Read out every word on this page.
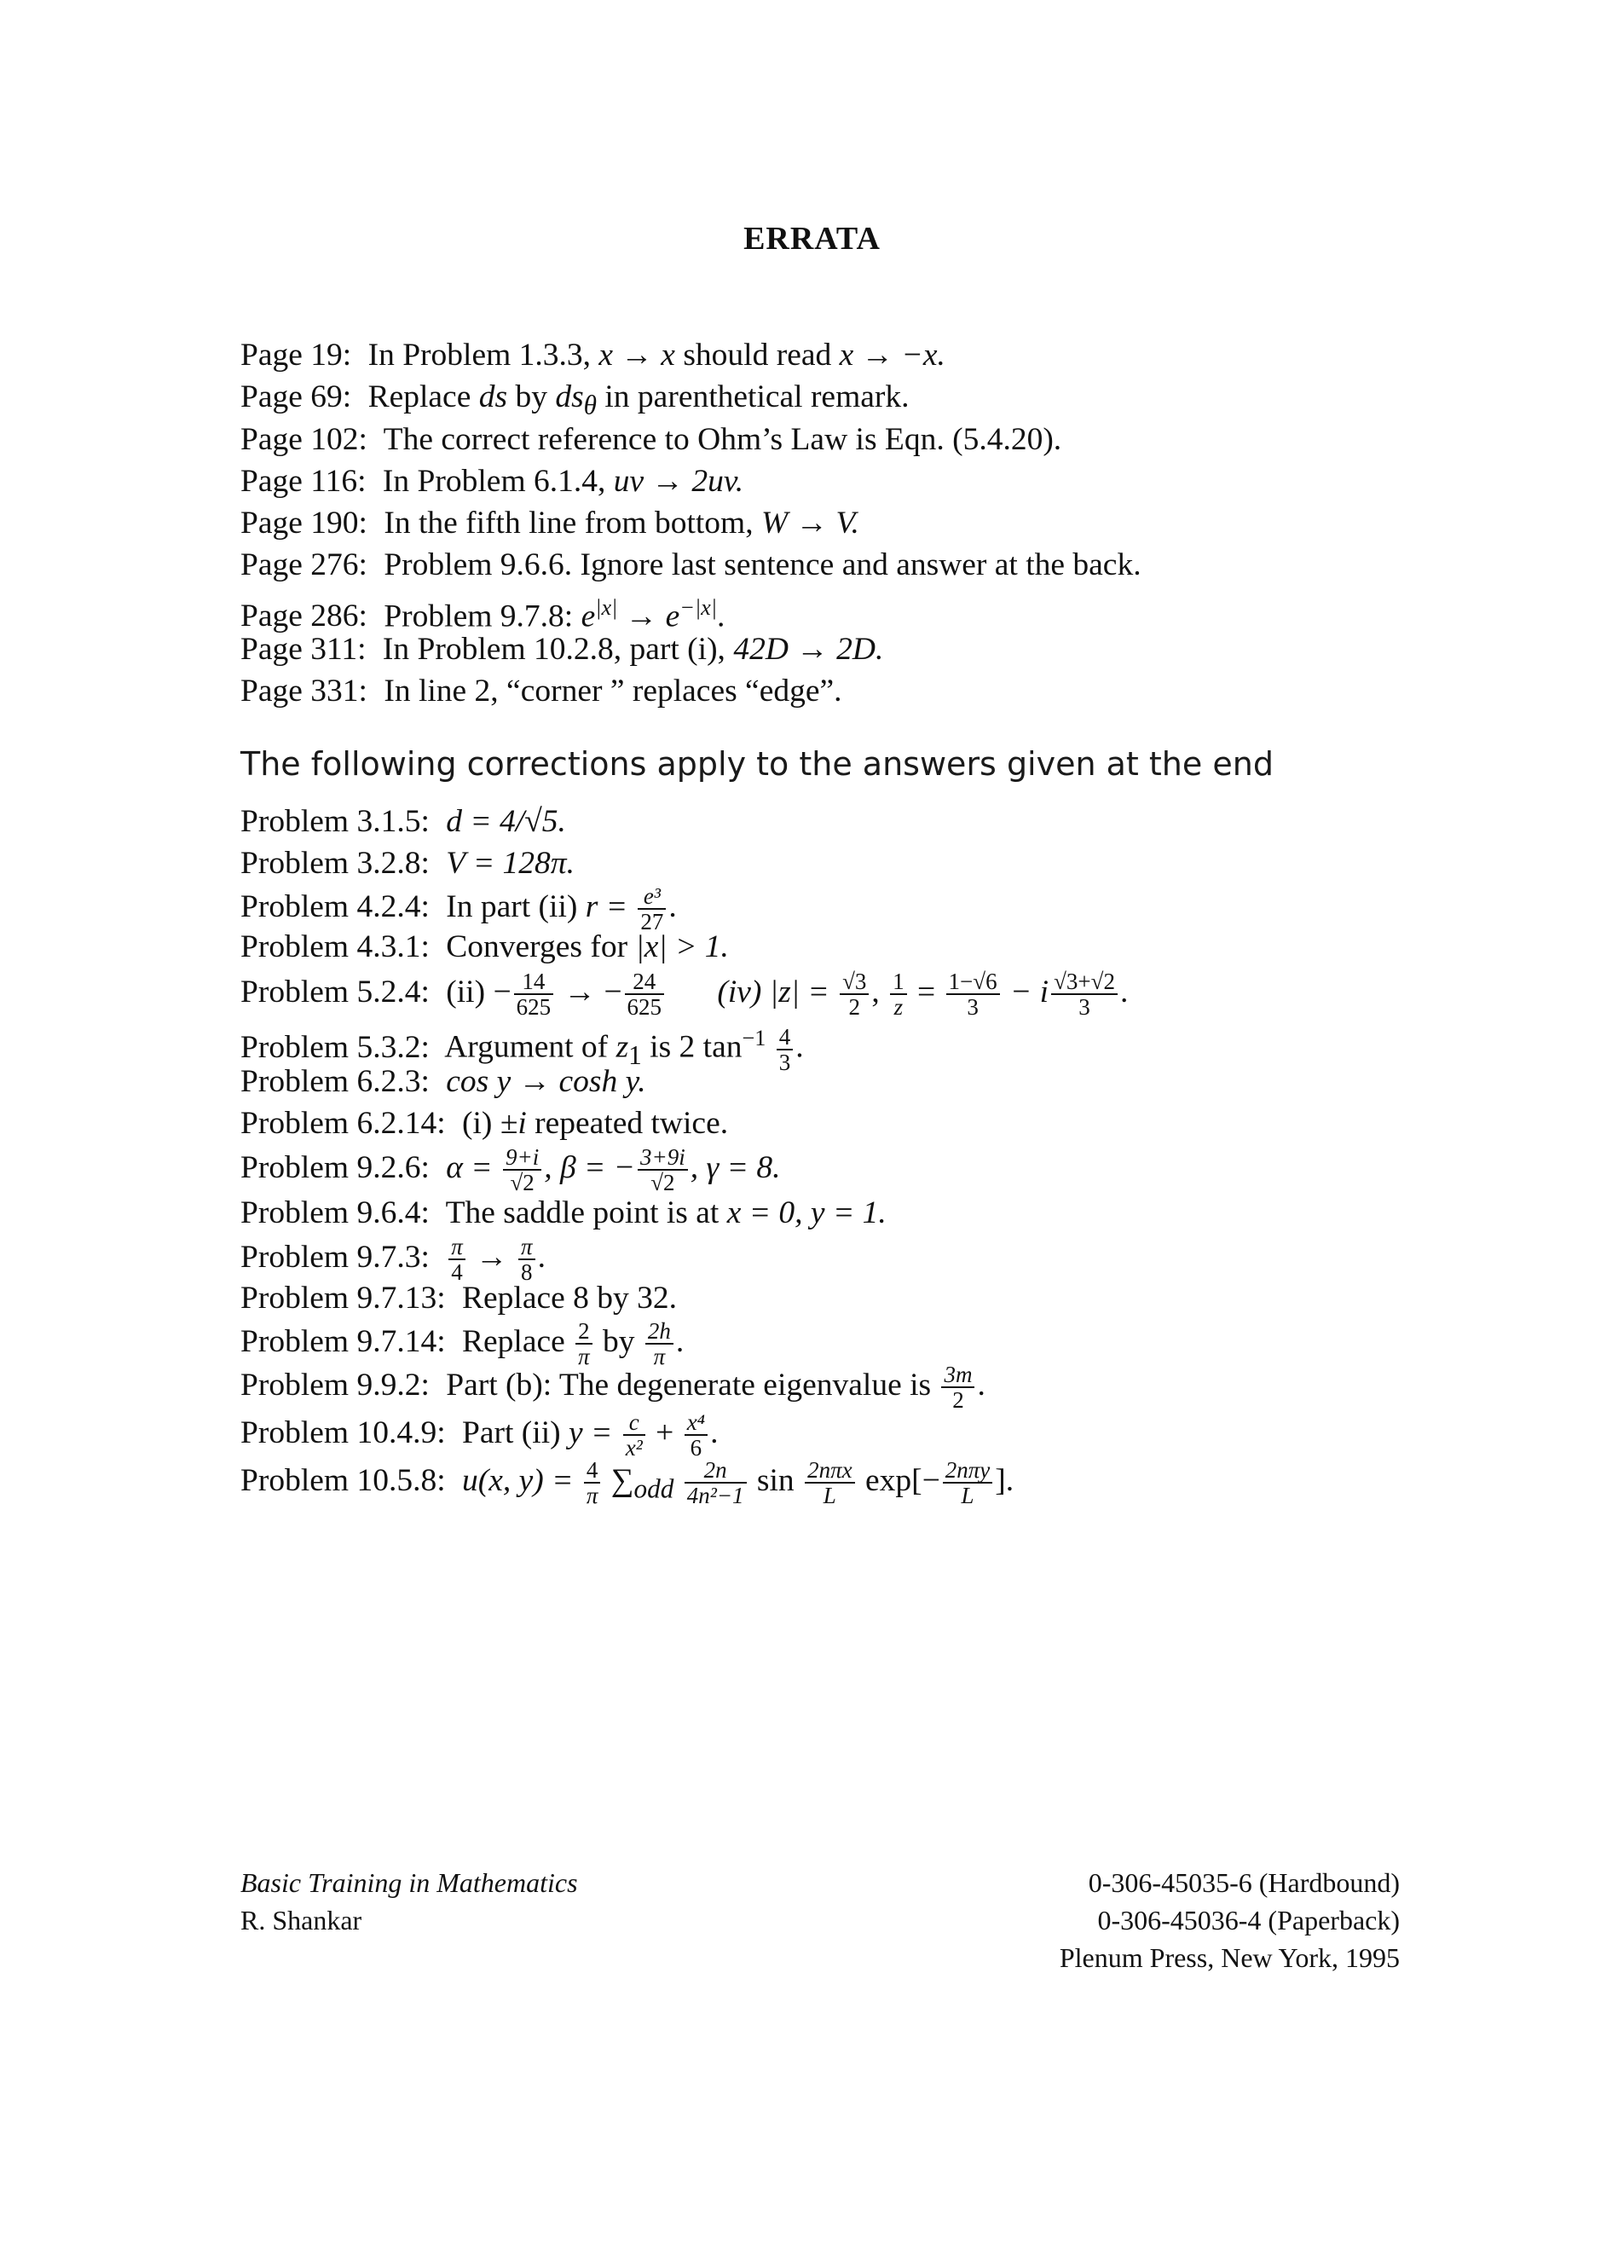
ERRATA
Page 19: In Problem 1.3.3, x → x should read x → −x.
Page 69: Replace ds by $ds_\theta$ in parenthetical remark.
Page 102: The correct reference to Ohm’s Law is Eqn. (5.4.20).
Page 116: In Problem 6.1.4, uv → 2uv.
Page 190: In the fifth line from bottom, W → V.
Page 276: Problem 9.6.6. Ignore last sentence and answer at the back.
Page 286: Problem 9.7.8: $e^{|x|} \to e^{-|x|}$.
Page 311: In Problem 10.2.8, part (i), 42D → 2D.
Page 331: In line 2, “corner ” replaces “edge”.
The following corrections apply to the answers given at the end
Problem 3.1.5: d = 4/√5.
Problem 3.2.8: V = 128π.
Problem 4.2.4: In part (ii) $r = \frac{\text{e³}}{27}$ .
Problem 4.3.1: Converges for |x| > 1.
Problem 5.2.4: $(ii) - \frac{14}{625}$ → − $\frac{24}{625} (iv) |z| = \frac{√3}{2}$ , $\frac{1}{z} = \frac{1-√6}{3} - i \frac{√3+√2}{3}$ .
Problem 5.3.2: Argument of $z_1$ is 2 $\tan^{-1} \frac{4}{3}$ .
Problem 6.2.3: cos y → cosh y.
Problem 6.2.14: (i) ±i repeated twice.
Problem 9.2.6: $\alpha = \frac{9+i}{√2}$ , β = − $\frac{3+9i}{√2}$ , γ = 8.
Problem 9.6.4: The saddle point is at x = 0, y = 1.
Problem 9.7.3: $\frac{\pi}{4} \to \frac{\pi}{8}$ .
Problem 9.7.13: Replace 8 by 32.
Problem 9.7.14: Replace $\frac{2}{\pi}$ by $\frac{2h}{\pi}$ .
Problem 9.9.2: Part (b): The degenerate eigenvalue is $\frac{3m}{2}$ .
Problem 10.4.9: Part (ii) $y = \frac{c}{\text{x²}} + \frac{\text{x⁴}}{6}$ .
Problem 10.5.8: u(x, $y) = \frac{4}{\pi} \sum_{odd} \frac{2n}{\text{4n²−1}}$ $\sin \frac{\text{2nπx}}{L} \exp[- \frac{\text{2nπy}}{L}$ ].
Basic Training in Mathematics
R. Shankar
0-306-45035-6 (Hardbound)
0-306-45036-4 (Paperback)
Plenum Press, New York, 1995
